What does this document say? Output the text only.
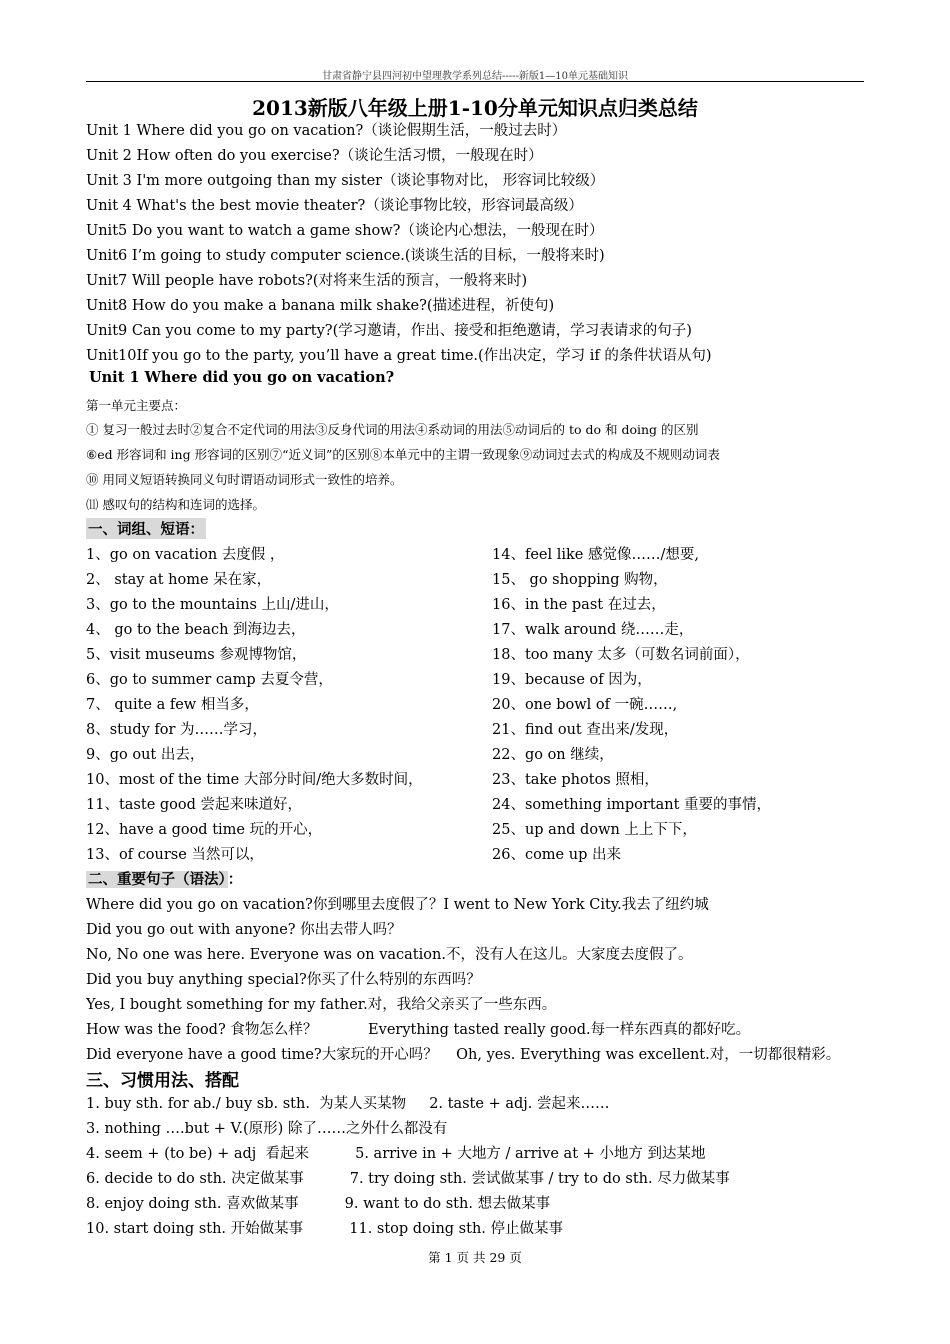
甘肃省静宁县四河初中望理教学系列总结-----新版1—10单元基础知识
2013新版八年级上册1-10分单元知识点归类总结
Unit 1 Where did you go on vacation?（谈论假期生活，一般过去时）
Unit 2 How often do you exercise?（谈论生活习惯，一般现在时）
Unit 3 I'm more outgoing than my sister（谈论事物对比， 形容词比较级）
Unit 4 What's the best movie theater?（谈论事物比较，形容词最高级）
Unit5 Do you want to watch a game show?（谈论内心想法，一般现在时）
Unit6 I’m going to study computer science.(谈谈生活的目标，一般将来时)
Unit7 Will people have robots?(对将来生活的预言，一般将来时)
Unit8 How do you make a banana milk shake?(描述进程，祈使句)
Unit9 Can you come to my party?(学习邀请，作出、接受和拒绝邀请，学习表请求的句子)
Unit10If you go to the party, you’ll have a great time.(作出决定，学习 if 的条件状语从句)
Unit 1 Where did you go on vacation?
第一单元主要点：
① 复习一般过去时②复合不定代词的用法③反身代词的用法④系动词的用法⑤动词后的 to do 和 doing 的区别
⑥ed 形容词和 ing 形容词的区别⑦“近义词”的区别⑧本单元中的主谓一致现象⑨动词过去式的构成及不规则动词表
⑩ 用同义短语转换同义句时谓语动词形式一致性的培养。
⑾ 感叹句的结构和连词的选择。
一、词组、短语：
1、go on vacation 去度假 ，
2、 stay at home 呆在家，
3、go to the mountains 上山/进山，
4、 go to the beach 到海边去，
5、visit museums 参观博物馆，
6、go to summer camp 去夏令营，
7、 quite a few 相当多，
8、study for 为……学习，
9、go out 出去，
10、most of the time 大部分时间/绝大多数时间，
11、taste good 尝起来味道好，
12、have a good time 玩的开心，
13、of course 当然可以，
14、feel like 感觉像……/想要,
15、 go shopping 购物，
16、in the past 在过去，
17、walk around 绕……走，
18、too many 太多（可数名词前面），
19、because of 因为，
20、one bowl of 一碗……,
21、find out 查出来/发现，
22、go on 继续，
23、take photos 照相，
24、something important 重要的事情，
25、up and down 上上下下，
26、come up 出来
二、重要句子（语法） ：
Where did you go on vacation?你到哪里去度假了？I went to New York City.我去了纽约城
Did you go out with anyone? 你出去带人吗？
No, No one was here. Everyone was on vacation.不，没有人在这儿。大家度去度假了。
Did you buy anything special?你买了什么特别的东西吗？
Yes, I bought something for my father.对，我给父亲买了一些东西。
How was the food? 食物怎么样？           Everything tasted really good.每一样东西真的都好吃。
Did everyone have a good time?大家玩的开心吗？    Oh, yes. Everything was excellent.对，一切都很精彩。
三、习惯用法、搭配
1. buy sth. for ab./ buy sb. sth.  为某人买某物     2. taste + adj. 尝起来……
3. nothing ….but + V.(原形) 除了……之外什么都没有
4. seem + (to be) + adj  看起来          5. arrive in + 大地方 / arrive at + 小地方 到达某地
6. decide to do sth. 决定做某事          7. try doing sth. 尝试做某事 / try to do sth. 尽力做某事
8. enjoy doing sth. 喜欢做某事          9. want to do sth. 想去做某事
10. start doing sth. 开始做某事          11. stop doing sth. 停止做某事
第 1 页 共 29 页
